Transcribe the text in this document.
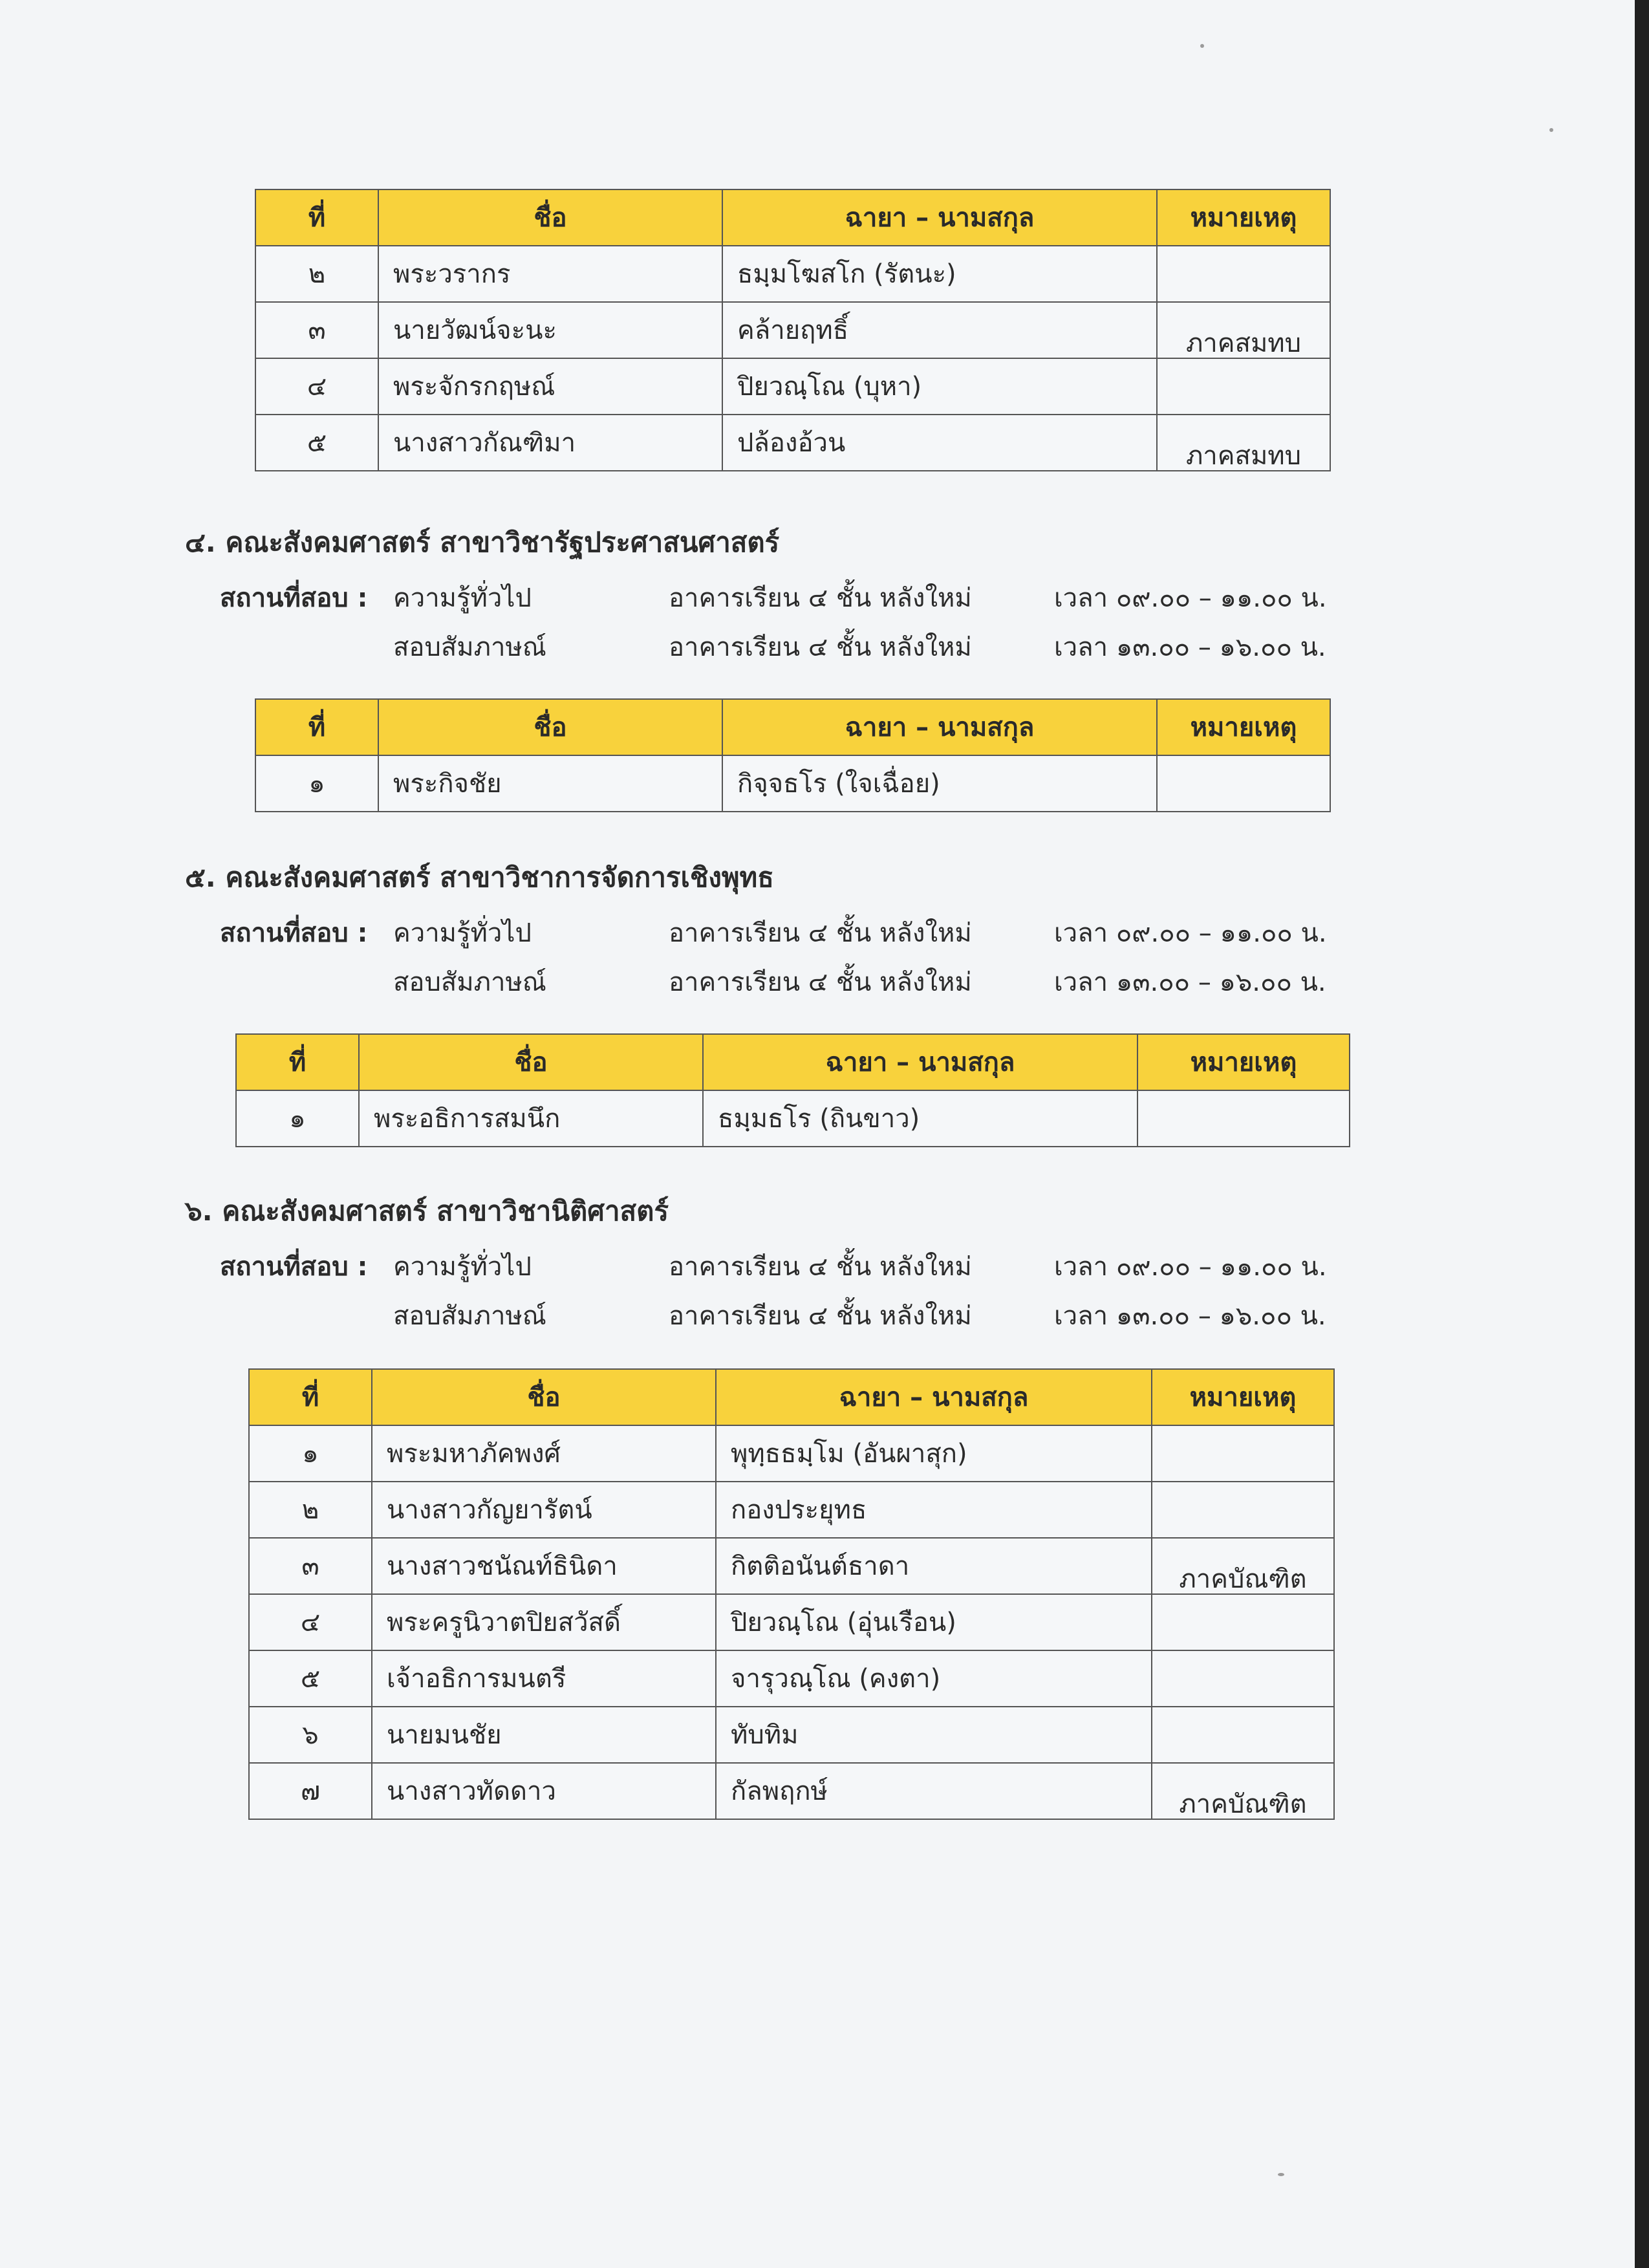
ที่	ชื่อ	ฉายา – นามสกุล	หมายเหตุ
๒	พระวรากร	ธมฺมโฆสโก (รัตนะ)	
๓	นายวัฒน์จะนะ	คล้ายฤทธิ์	ภาคสมทบ
๔	พระจักรกฤษณ์	ปิยวณฺโณ (บุหา)	
๕	นางสาวกัณฑิมา	ปล้องอ้วน	ภาคสมทบ
๔. คณะสังคมศาสตร์ สาขาวิชารัฐประศาสนศาสตร์
สถานที่สอบ : ความรู้ทั่วไป	อาคารเรียน ๔ ชั้น หลังใหม่	เวลา ๐๙.๐๐ – ๑๑.๐๐ น.
สอบสัมภาษณ์	อาคารเรียน ๔ ชั้น หลังใหม่	เวลา ๑๓.๐๐ – ๑๖.๐๐ น.
ที่	ชื่อ	ฉายา – นามสกุล	หมายเหตุ
๑	พระกิจชัย	กิจฺจธโร (ใจเฉื่อย)	
๕. คณะสังคมศาสตร์ สาขาวิชาการจัดการเชิงพุทธ
สถานที่สอบ : ความรู้ทั่วไป	อาคารเรียน ๔ ชั้น หลังใหม่	เวลา ๐๙.๐๐ – ๑๑.๐๐ น.
สอบสัมภาษณ์	อาคารเรียน ๔ ชั้น หลังใหม่	เวลา ๑๓.๐๐ – ๑๖.๐๐ น.
ที่	ชื่อ	ฉายา – นามสกุล	หมายเหตุ
๑	พระอธิการสมนึก	ธมฺมธโร (ถินขาว)	
๖. คณะสังคมศาสตร์ สาขาวิชานิติศาสตร์
สถานที่สอบ : ความรู้ทั่วไป	อาคารเรียน ๔ ชั้น หลังใหม่	เวลา ๐๙.๐๐ – ๑๑.๐๐ น.
สอบสัมภาษณ์	อาคารเรียน ๔ ชั้น หลังใหม่	เวลา ๑๓.๐๐ – ๑๖.๐๐ น.
ที่	ชื่อ	ฉายา – นามสกุล	หมายเหตุ
๑	พระมหาภัคพงศ์	พุทฺธธมฺโม (อันผาสุก)	
๒	นางสาวกัญยารัตน์	กองประยุทธ	
๓	นางสาวชนัณท์ธินิดา	กิตติอนันต์ธาดา	ภาคบัณฑิต
๔	พระครูนิวาตปิยสวัสดิ์	ปิยวณฺโณ (อุ่นเรือน)	
๕	เจ้าอธิการมนตรี	จารุวณฺโณ (คงตา)	
๖	นายมนชัย	ทับทิม	
๗	นางสาวทัดดาว	กัลพฤกษ์	ภาคบัณฑิต
